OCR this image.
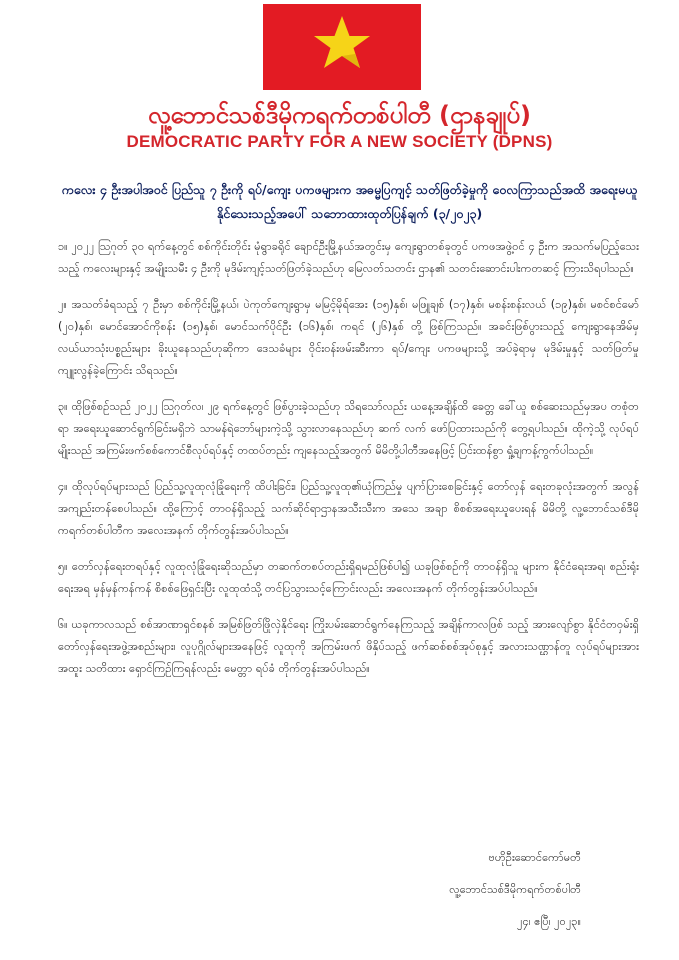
လူ့ဘောင်သစ်ဒီမိုကရက်တစ်ပါတီ (ဌာနချုပ်)
DEMOCRATIC PARTY FOR A NEW SOCIETY (DPNS)
ကလေး ၄ ဦးအပါအဝင် ပြည်သူ ၇ ဦးကို ရပ်/ကျေး ပကဖများက အဓမ္မပြကျင့် သတ်ဖြတ်ခဲ့မှုကို ဝေလကြာသည်အထိ အရေးမယူနိုင်သေးသည့်အပေါ် သဘောထားထုတ်ပြန်ချက် (၃/၂၀၂၃)

၁။ ၂၀၂၂ ဩဂုတ် ၃၀ ရက်နေ့တွင် စစ်ကိုင်းတိုင်း မုံရွာခရိုင် ချောင်ဦးမြို့နယ်အတွင်းမှ ကျေးရွာတစ်ခုတွင် ပကဖအဖွဲ့ဝင် ၄ ဦးက အသက်မပြည့်သေးသည့် ကလေးများနှင့် အမျိုးသမီး ၄ ဦးကို မုဒိမ်းကျင့်သတ်ဖြတ်ခဲ့သည်ဟု မြေလတ်သတင်း ဌာန၏ သတင်းဆောင်းပါးကတဆင့် ကြားသိရပါသည်။

၂။ အသတ်ခံရသည့် ၇ ဦးမှာ စစ်ကိုင်းမြို့နယ်၊ ပဲကုတ်ကျေးရွာမှ မမြင့်မိုရ်အေး (၁၅)နှစ်၊ မဖြူချစ် (၁၇)နှစ်၊ မစန်းစန်းလယ် (၁၉)နှစ်၊ မစင်စင်မော် (၂၀)နှစ်၊ မောင်အောင်ကိုစန်း (၁၅)နှစ်၊ မောင်သက်ပိုင်ဦး (၁၆)နှစ်၊ ကရင် (၂၆)နှစ် တို့ ဖြစ်ကြသည်။ အခင်းဖြစ်ပွားသည့် ကျေးရွာနေအိမ်မှ လယ်ယာသုံးပစ္စည်းများ ခိုးယူနေသည်ဟုဆိုကာ ဒေသခံများ ဝိုင်းဝန်းဖမ်းဆီးကာ ရပ်/ကျေး ပကဖများသို့ အပ်ခဲ့ရာမှ မုဒိမ်းမှုနှင့် သတ်ဖြတ်မှု ကျူးလွန်ခဲ့ကြောင်း သိရသည်။

၃။ ထိုဖြစ်စဉ်သည် ၂၀၂၂ ဩဂုတ်လ၊ ၂၉ ရက်နေ့တွင် ဖြစ်ပွားခဲ့သည်ဟု သိရသော်လည်း ယနေ့အချိန်ထိ ခေတ္တ ခေါ်ယူ စစ်ဆေးသည်မှအပ တစုံတရာ အရေးယူဆောင်ရွက်ခြင်းမရှိဘဲ သာမန်ရဲဘော်များကဲ့သို့ သွားလာနေသည်ဟု ဆက် လက် ဖော်ပြထားသည်ကို တွေ့ရပါသည်။ ထိုကဲ့သို့ လုပ်ရပ်မျိုးသည် အကြမ်းဖက်စစ်ကောင်စီလုပ်ရပ်နှင့် တထပ်တည်း ကျနေသည့်အတွက် မိမိတို့ပါတီအနေဖြင့် ပြင်းထန်စွာ ရှုံ့ချကန့်ကွက်ပါသည်။

၄။ ထိုလုပ်ရပ်များသည် ပြည်သူ့လူထုလုံခြုံရေးကို ထိပါးခြင်း၊ ပြည်သူ့လူထု၏ယုံကြည်မှု ပျက်ပြားစေခြင်းနှင့် တော်လှန် ရေးတခုလုံးအတွက် အလွန် အကျည်းတန်စေပါသည်။ ထို့ကြောင့် တာဝန်ရှိသည့် သက်ဆိုင်ရာဌာနအသီးသီးက အသေ အချာ စိစစ်အရေးယူပေးရန် မိမိတို့ လူ့ဘောင်သစ်ဒီမိုကရက်တစ်ပါတီက အလေးအနက် တိုက်တွန်းအပ်ပါသည်။

၅။ တော်လှန်ရေးတရပ်နှင့် လူထုလုံခြုံရေးဆိုသည်မှာ တဆက်တစပ်တည်းရှိရမည်ဖြစ်ပါ၍ ယခုဖြစ်စဉ်ကို တာဝန်ရှိသူ များက နိုင်ငံရေးအရ၊ စည်းရုံးရေးအရ မှန်မှန်ကန်ကန် စိစစ်ဖြေရှင်းပြီး လူထုထံသို့ တင်ပြသွားသင့်ကြောင်းလည်း အလေးအနက် တိုက်တွန်းအပ်ပါသည်။

၆။ ယခုကာလသည် စစ်အာဏာရှင်စနစ် အမြစ်ဖြတ်ဖြိုလှဲနိုင်ရေး ကြိုးပမ်းဆောင်ရွက်နေကြသည့် အချိန်ကာလဖြစ် သည့် အားလျော်စွာ နိုင်ငံတဝှမ်းရှိ တော်လှန်ရေးအဖွဲ့အစည်းများ၊ လူပုဂ္ဂိုလ်များအနေဖြင့် လူထုကို အကြမ်းဖက် ဖိနှိပ်သည့် ဖက်ဆစ်စစ်အုပ်စုနှင့် အလားသဏ္ဌာန်တူ လုပ်ရပ်များအား အထူး သတိထား ရှောင်ကြဉ်ကြရန်လည်း မေတ္တာ ရပ်ခံ တိုက်တွန်းအပ်ပါသည်။

ဗဟိုဦးဆောင်ကော်မတီ
လူ့ဘောင်သစ်ဒီမိုကရက်တစ်ပါတီ
၂၄၊ ဧပြီ၊ ၂၀၂၃။
